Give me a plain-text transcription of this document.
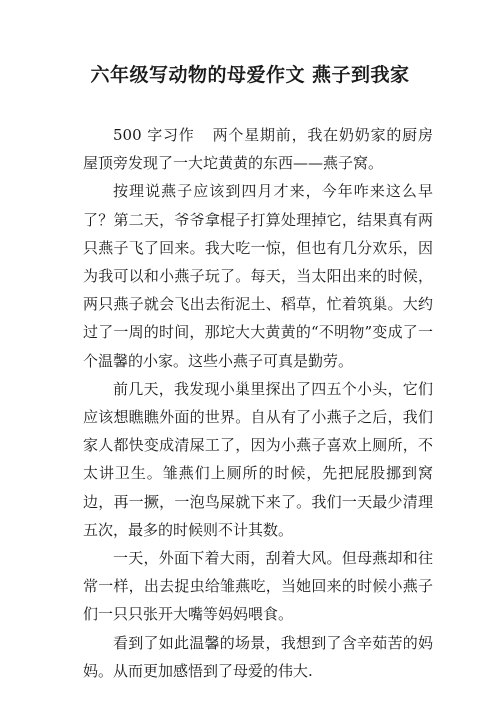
六年级写动物的母爱作文 燕子到我家

500 字习作 两个星期前，我在奶奶家的厨房屋顶旁发现了一大坨黄黄的东西——燕子窝。

按理说燕子应该到四月才来，今年咋来这么早了？第二天，爷爷拿棍子打算处理掉它，结果真有两只燕子飞了回来。我大吃一惊，但也有几分欢乐，因为我可以和小燕子玩了。每天，当太阳出来的时候，两只燕子就会飞出去衔泥土、稻草，忙着筑巢。大约过了一周的时间，那坨大大黄黄的“不明物”变成了一个温馨的小家。这些小燕子可真是勤劳。

前几天，我发现小巢里探出了四五个小头，它们应该想瞧瞧外面的世界。自从有了小燕子之后，我们家人都快变成清屎工了，因为小燕子喜欢上厕所，不太讲卫生。雏燕们上厕所的时候，先把屁股挪到窝边，再一撅，一泡鸟屎就下来了。我们一天最少清理五次，最多的时候则不计其数。

一天，外面下着大雨，刮着大风。但母燕却和往常一样，出去捉虫给雏燕吃，当她回来的时候小燕子们一只只张开大嘴等妈妈喂食。

看到了如此温馨的场景，我想到了含辛茹苦的妈妈。从而更加感悟到了母爱的伟大.
